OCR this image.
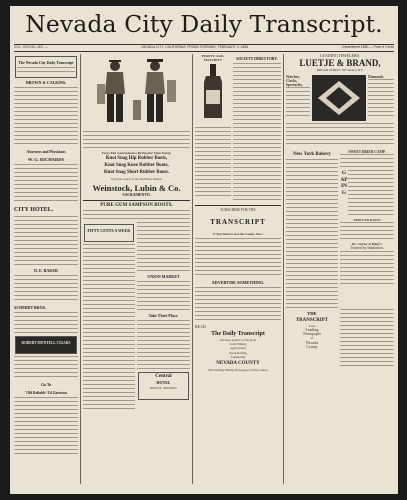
Nevada City Daily Transcript.
VOL. XXXVIII—NO. —	NEVADA CITY, CALIFORNIA, FRIDAY EVENING, FEBRUARY 4, 1898.	Established 1860 — Price 5 Cents

The Nevada City Daily Transcript

BROWN & CALKINS.

Attorneys and Physicians

W. G. RICHARDS

CITY HOTEL.

D. E. BAKER

SCHMIDT BROS.

ROBERT MONTELL CIGARS

Go To

'Old Reliable' Ed Garrison

Every Pair Guaranteed to Be Heavier Than Stamp.

Knot Snag Hip Rubber Boots,

Knot Snag Knee Rubber Boots,

Knot Snag Short Rubber Boots.

Tell your orders to the Old Place Dealer,

Weinstock, Lubin & Co.

SACRAMENTO.

PURE GUM SAMPSON BOOTS.

FIFTY CENTS A WEEK

UNION MARKET

Take Their Place.

Central

HOTEL

RUBY R. MOONEY

PURITY, AGE, MATURITY	SOCIETY DIRECTORY.

SUBSCRIBE FOR THE

TRANSCRIPT

If You Want to Get the County News

ADVERTISE SOMETHING.

READ

The Daily Transcript

and keep posted on the great

Gold Mining

Agricultural

Stock Raising

Lumbering

NEVADA COUNTY

The Leading Mining Newspaper of the County.

LEADING JEWELERS,

LUETJE & BRAND,

BROAD STREET, NEVADA CITY

Watches,

Clocks,

Spectacles,

Diamonds

New York Bakery	SWEET BRIER CAMP.

GAPING

REDUCED RATES

Drs. Darley & Baker's

Treated by Inhalation.

THE

TRANSCRIPT

is the

Leading

Newspaper

of

Nevada

County
